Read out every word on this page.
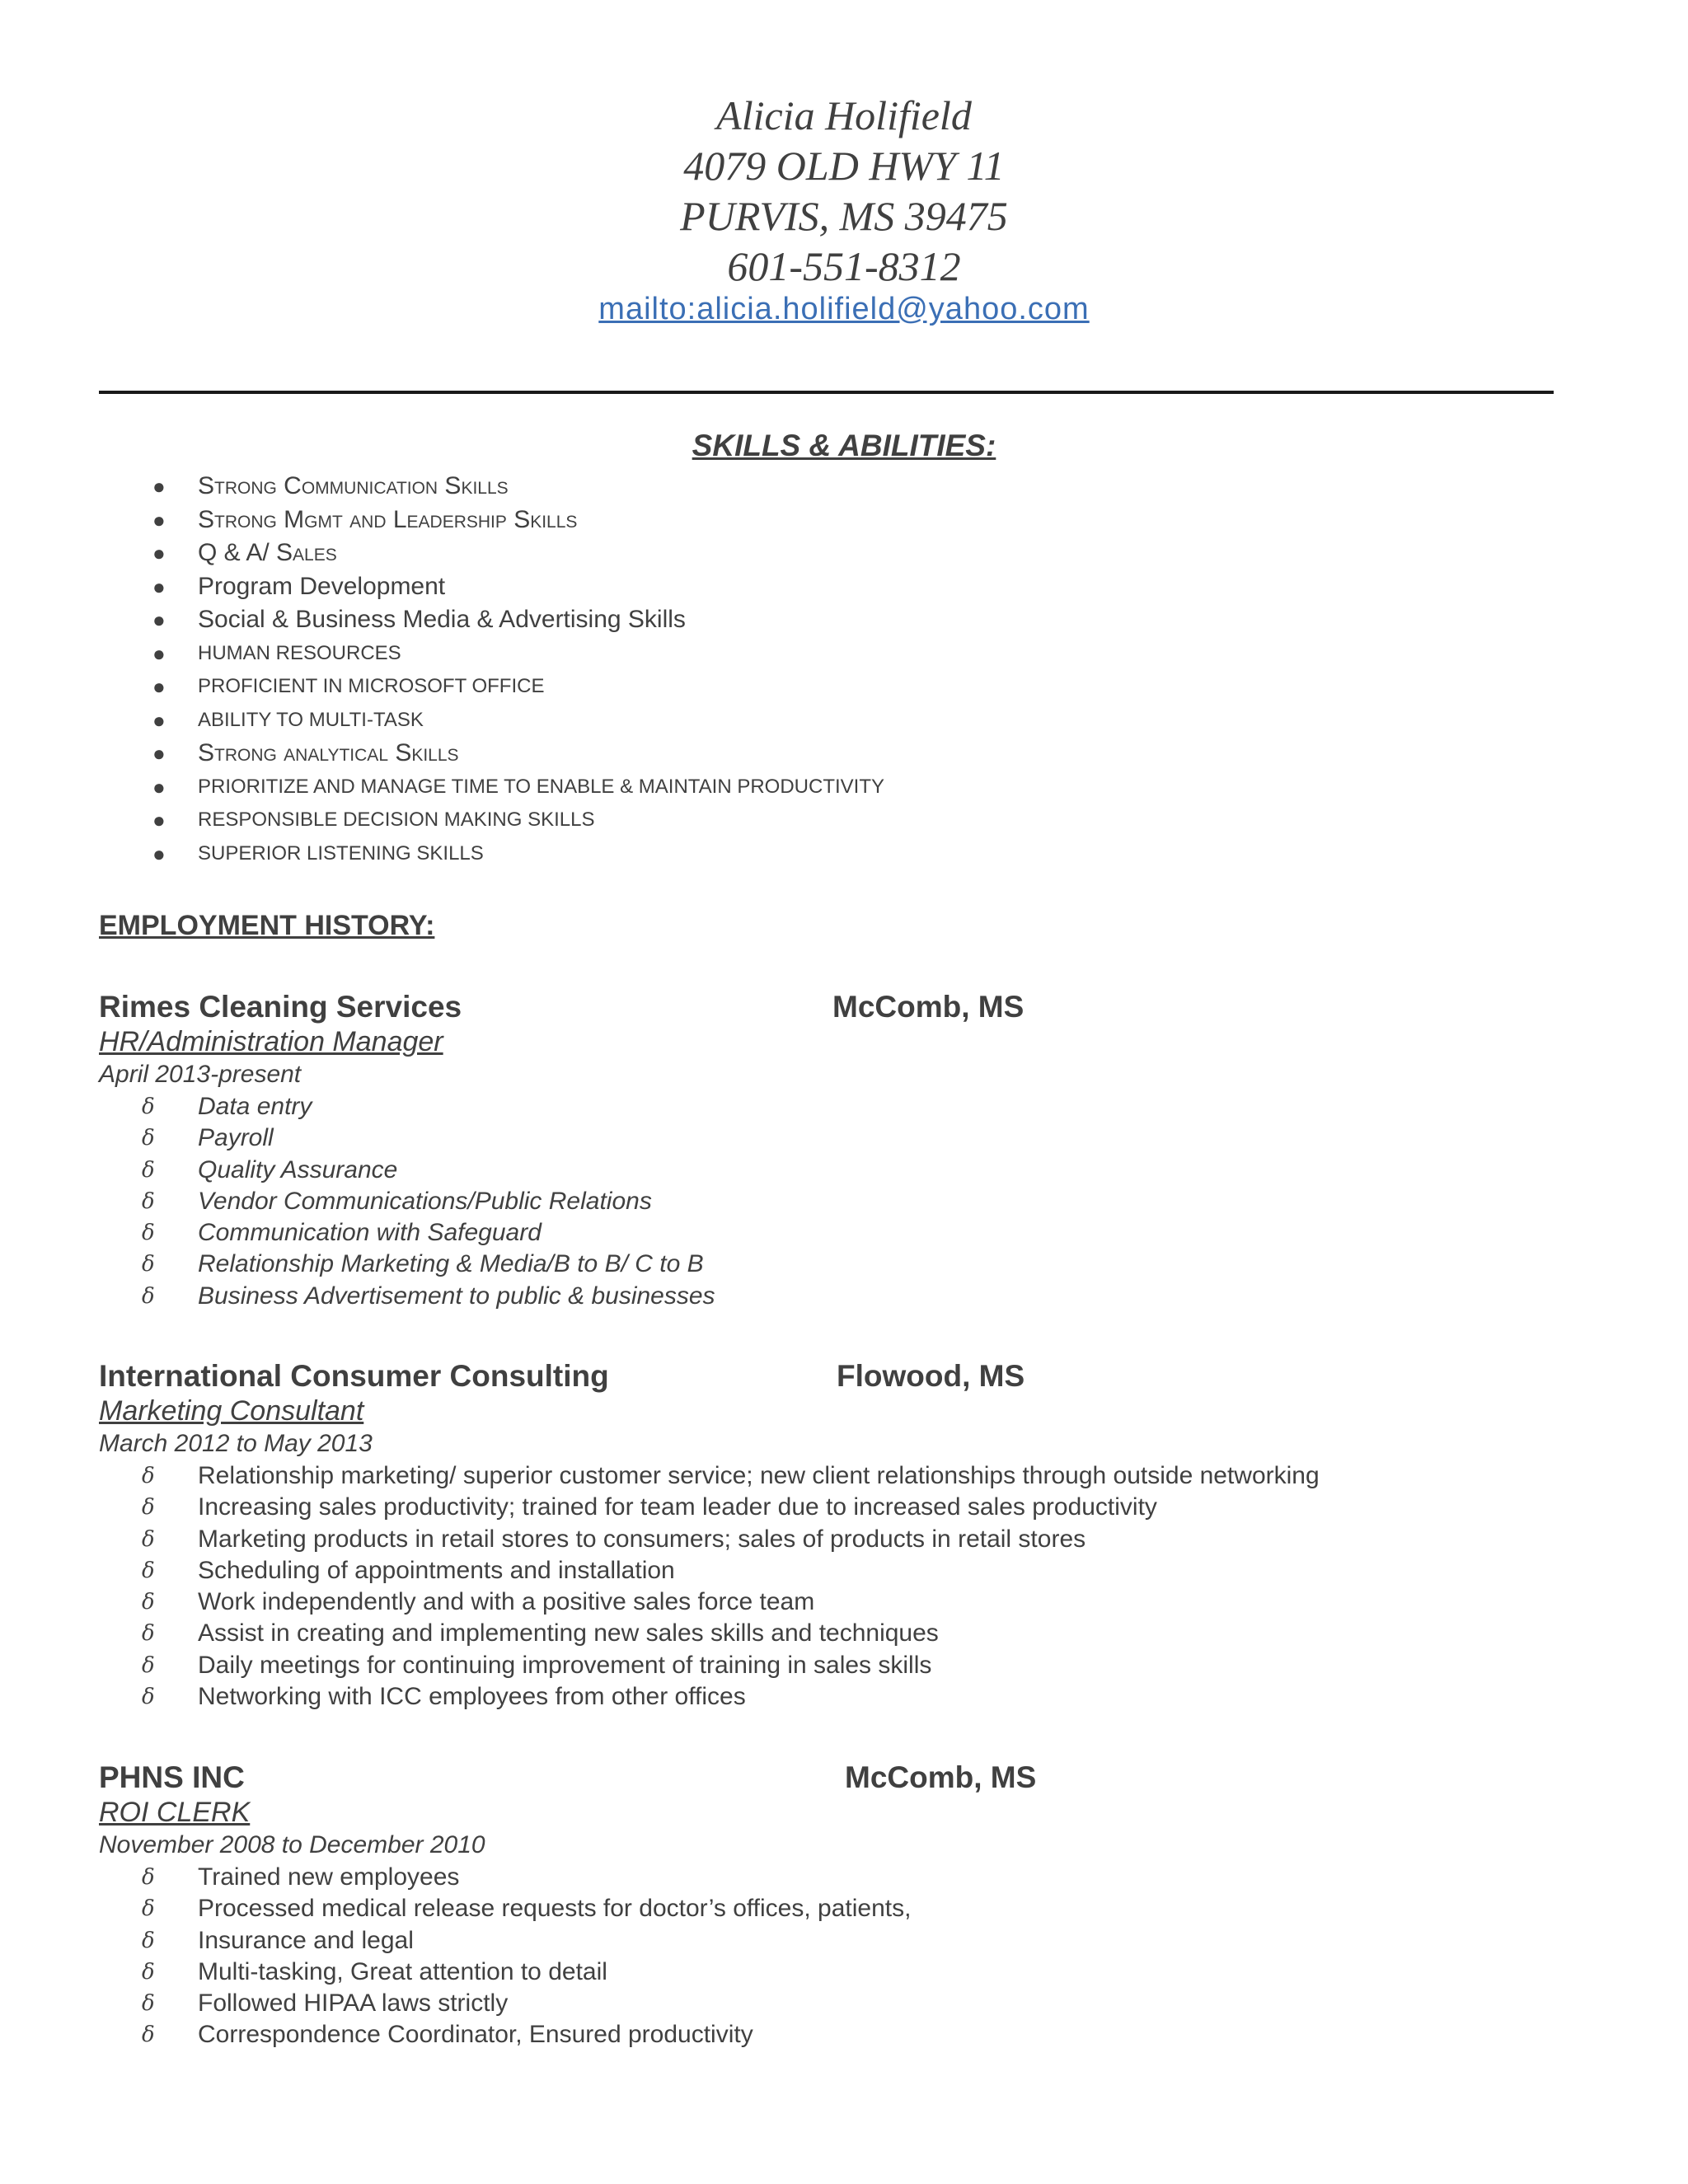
Alicia Holifield
4079 OLD HWY 11
PURVIS, MS 39475
601-551-8312
mailto:alicia.holifield@yahoo.com
SKILLS & ABILITIES:
● Strong Communication Skills
● Strong Mgmt and Leadership Skills
● Q & A/ Sales
● Program Development
● Social & Business Media & Advertising Skills
● HUMAN RESOURCES
● PROFICIENT IN MICROSOFT OFFICE
● ABILITY TO MULTI-TASK
● Strong analytical Skills
● PRIORITIZE AND MANAGE TIME TO ENABLE & MAINTAIN PRODUCTIVITY
● RESPONSIBLE DECISION MAKING SKILLS
● SUPERIOR LISTENING SKILLS
EMPLOYMENT HISTORY:
Rimes Cleaning Services	McComb, MS
HR/Administration Manager
April 2013-present
δ Data entry
δ Payroll
δ Quality Assurance
δ Vendor Communications/Public Relations
δ Communication with Safeguard
δ Relationship Marketing & Media/B to B/ C to B
δ Business Advertisement to public & businesses
International Consumer Consulting	Flowood, MS
Marketing Consultant
March 2012 to May 2013
δ Relationship marketing/ superior customer service; new client relationships through outside networking
δ Increasing sales productivity; trained for team leader due to increased sales productivity
δ Marketing products in retail stores to consumers; sales of products in retail stores
δ Scheduling of appointments and installation
δ Work independently and with a positive sales force team
δ Assist in creating and implementing new sales skills and techniques
δ Daily meetings for continuing improvement of training in sales skills
δ Networking with ICC employees from other offices
PHNS INC	McComb, MS
ROI CLERK
November 2008 to December 2010
δ Trained new employees
δ Processed medical release requests for doctor’s offices, patients,
δ Insurance and legal
δ Multi-tasking, Great attention to detail
δ Followed HIPAA laws strictly
δ Correspondence Coordinator, Ensured productivity
